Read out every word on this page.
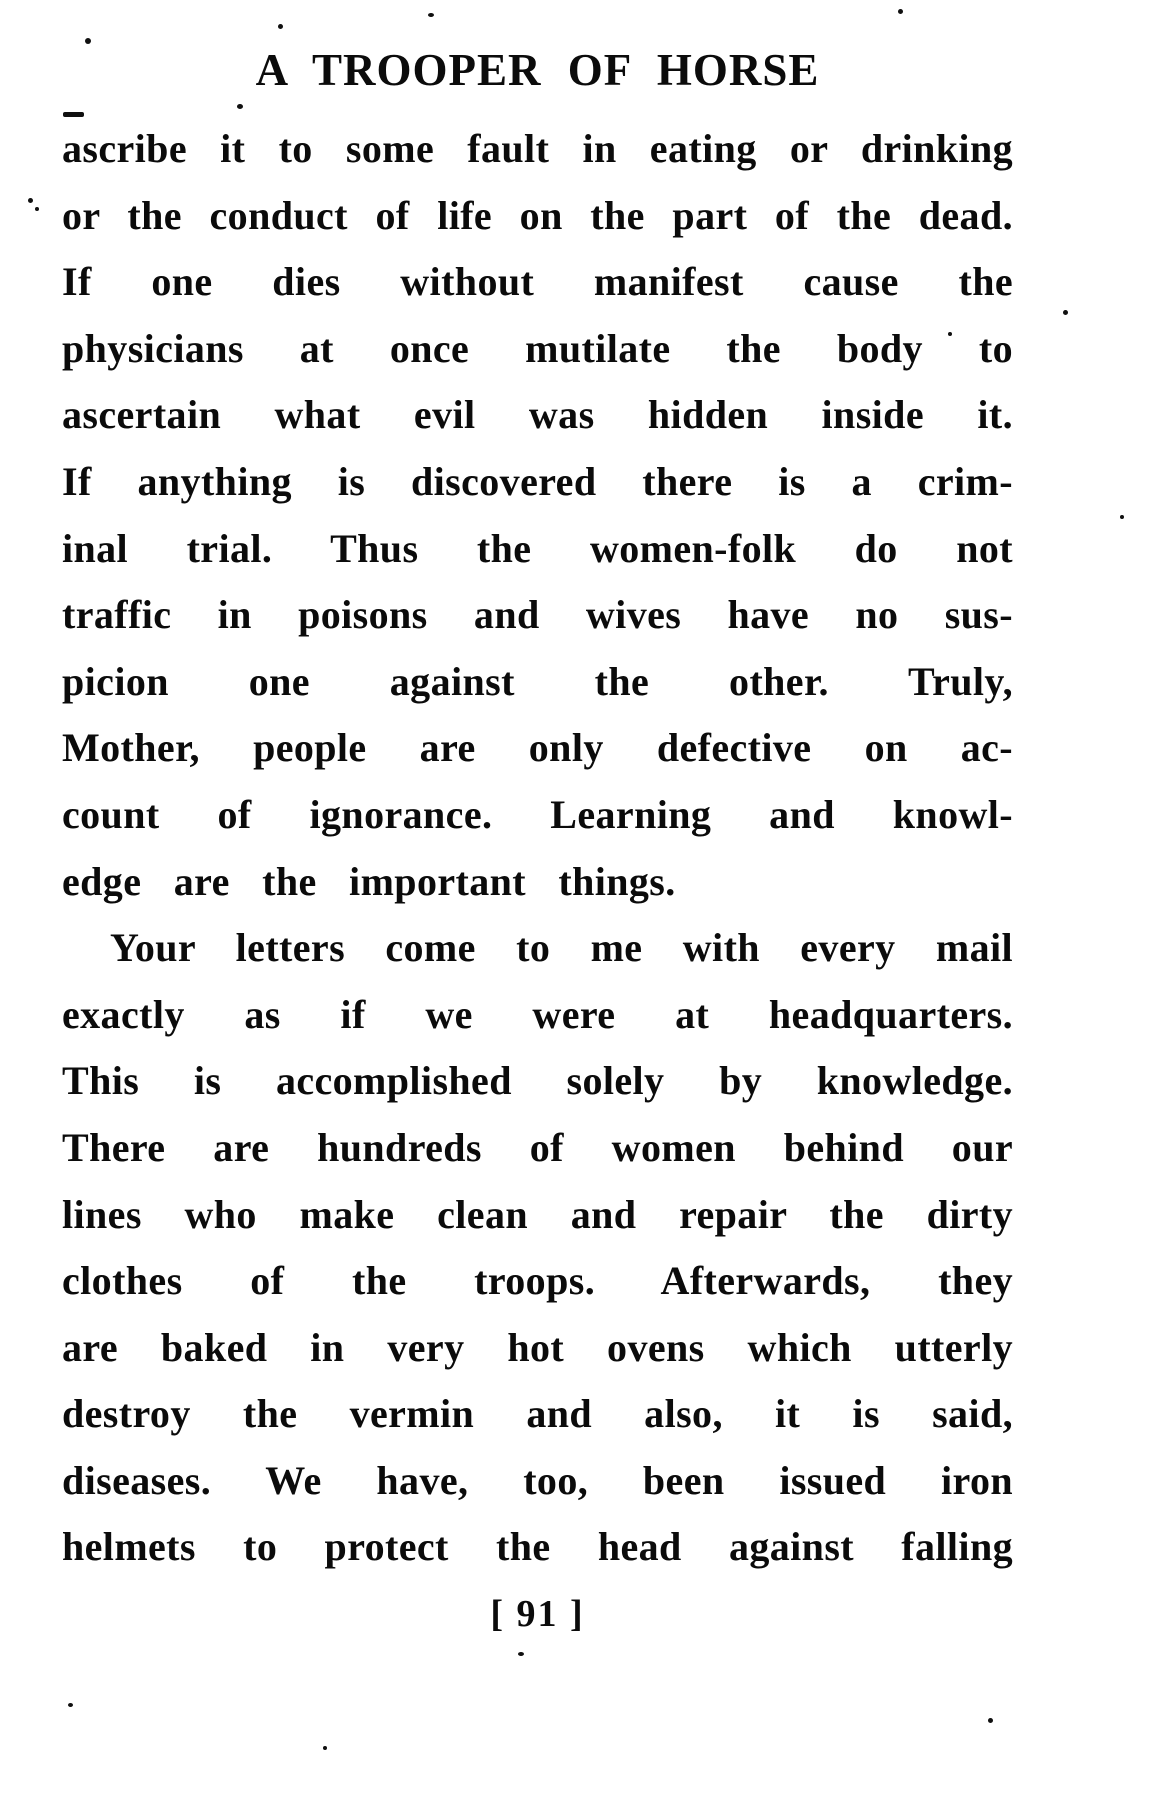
A TROOPER OF HORSE
ascribe it to some fault in eating or drinking
or the conduct of life on the part of the dead.
If one dies without manifest cause the
physicians at once mutilate the body to
ascertain what evil was hidden inside it.
If anything is discovered there is a crim-
inal trial. Thus the women-folk do not
traffic in poisons and wives have no sus-
picion one against the other. Truly,
Mother, people are only defective on ac-
count of ignorance. Learning and knowl-
edge are the important things.
Your letters come to me with every mail
exactly as if we were at headquarters.
This is accomplished solely by knowledge.
There are hundreds of women behind our
lines who make clean and repair the dirty
clothes of the troops. Afterwards, they
are baked in very hot ovens which utterly
destroy the vermin and also, it is said,
diseases. We have, too, been issued iron
helmets to protect the head against falling
[ 91 ]
